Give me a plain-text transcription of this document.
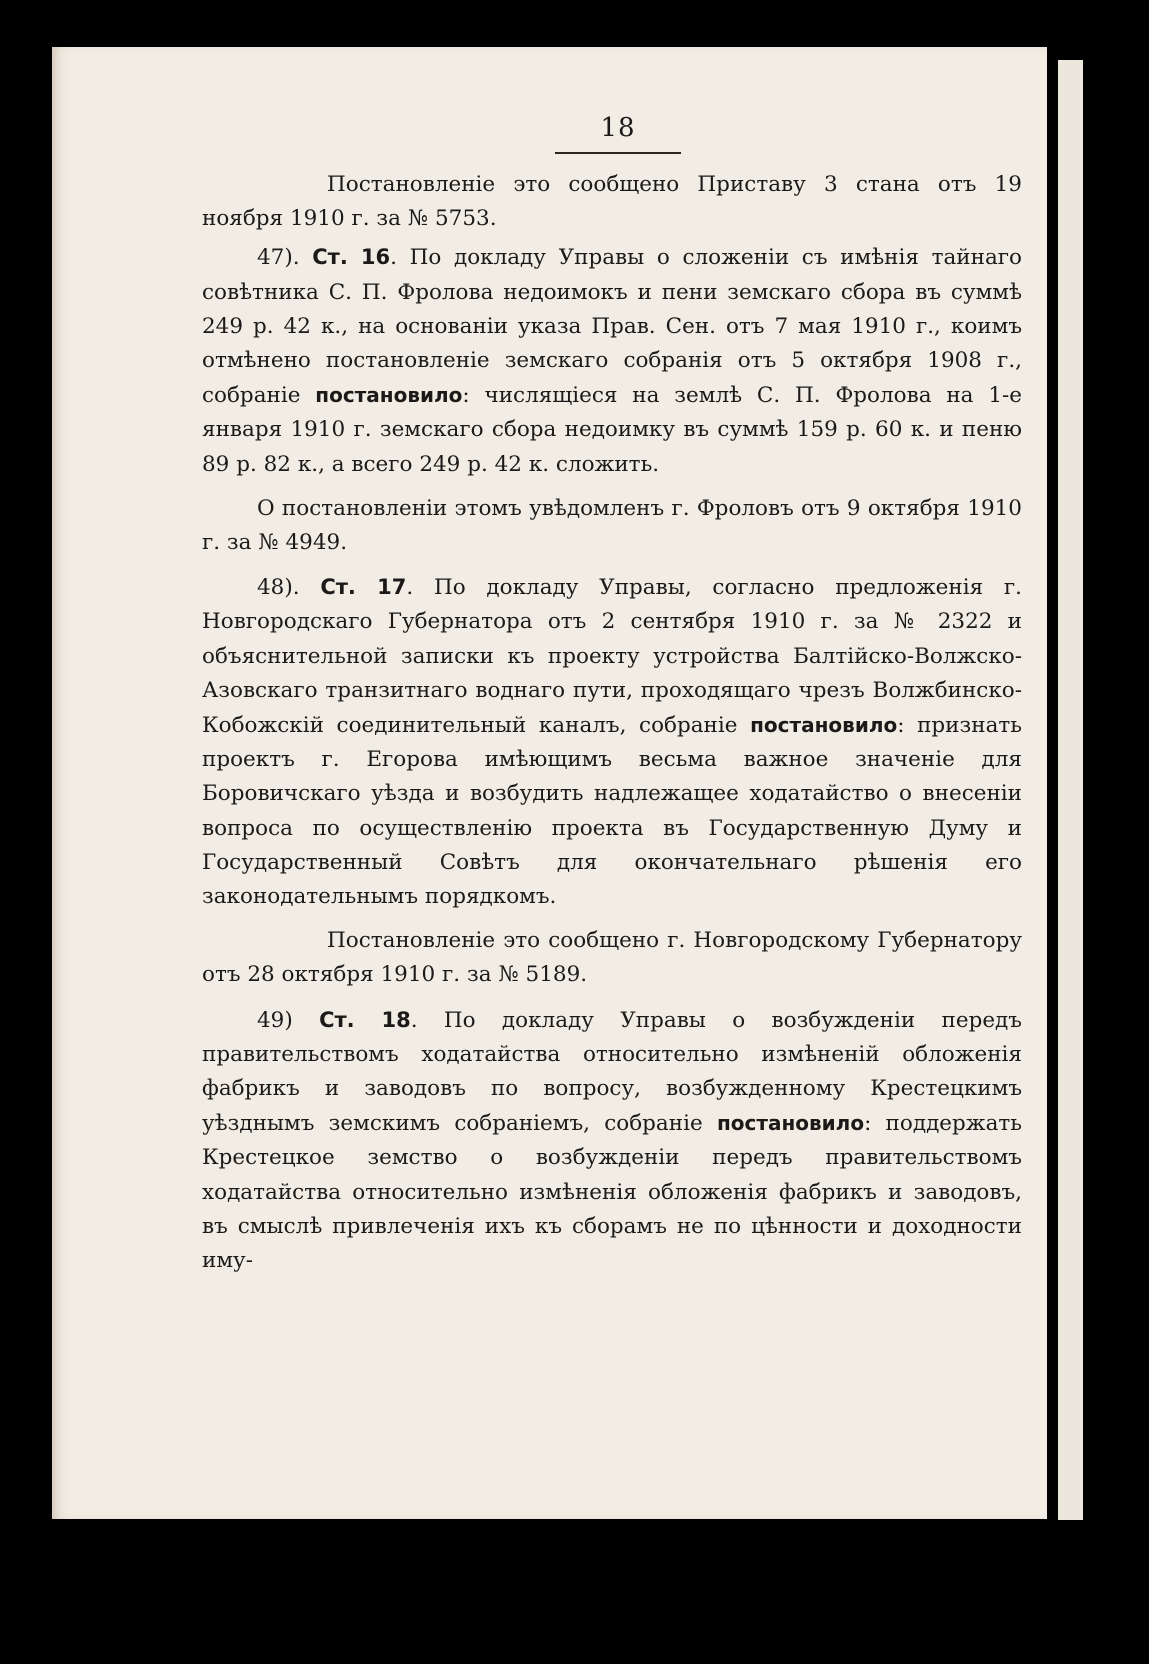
18

Постановленіе это сообщено Приставу 3 стана отъ 19 ноября 1910 г. за № 5753.

47). Ст. 16. По докладу Управы о сложеніи съ имѣнія тайнаго совѣтника С. П. Фролова недоимокъ и пени земскаго сбора въ суммѣ 249 р. 42 к., на основаніи указа Прав. Сен. отъ 7 мая 1910 г., коимъ отмѣнено постановленіе земскаго собранія отъ 5 октября 1908 г., собраніе постановило: числящіеся на землѣ С. П. Фролова на 1-е января 1910 г. земскаго сбора недоимку въ суммѣ 159 р. 60 к. и пеню 89 р. 82 к., а всего 249 р. 42 к. сложить.

О постановленіи этомъ увѣдомленъ г. Фроловъ отъ 9 октября 1910 г. за № 4949.

48). Ст. 17. По докладу Управы, согласно предложенія г. Новгородскаго Губернатора отъ 2 сентября 1910 г. за № 2322 и объяснительной записки къ проекту устройства Балтійско-Волжско-Азовскаго транзитнаго воднаго пути, проходящаго чрезъ Волжбинско-Кобожскій соединительный каналъ, собраніе постановило: признать проектъ г. Егорова имѣющимъ весьма важное значеніе для Боровичскаго уѣзда и возбудить надлежащее ходатайство о внесеніи вопроса по осуществленію проекта въ Государственную Думу и Государственный Совѣтъ для окончательнаго рѣшенія его законодательнымъ порядкомъ.

Постановленіе это сообщено г. Новгородскому Губернатору отъ 28 октября 1910 г. за № 5189.

49) Ст. 18. По докладу Управы о возбужденіи передъ правительствомъ ходатайства относительно измѣненій обложенія фабрикъ и заводовъ по вопросу, возбужденному Крестецкимъ уѣзднымъ земскимъ собраніемъ, собраніе постановило: поддержать Крестецкое земство о возбужденіи передъ правительствомъ ходатайства относительно измѣненія обложенія фабрикъ и заводовъ, въ смыслѣ привлеченія ихъ къ сборамъ не по цѣнности и доходности иму-
